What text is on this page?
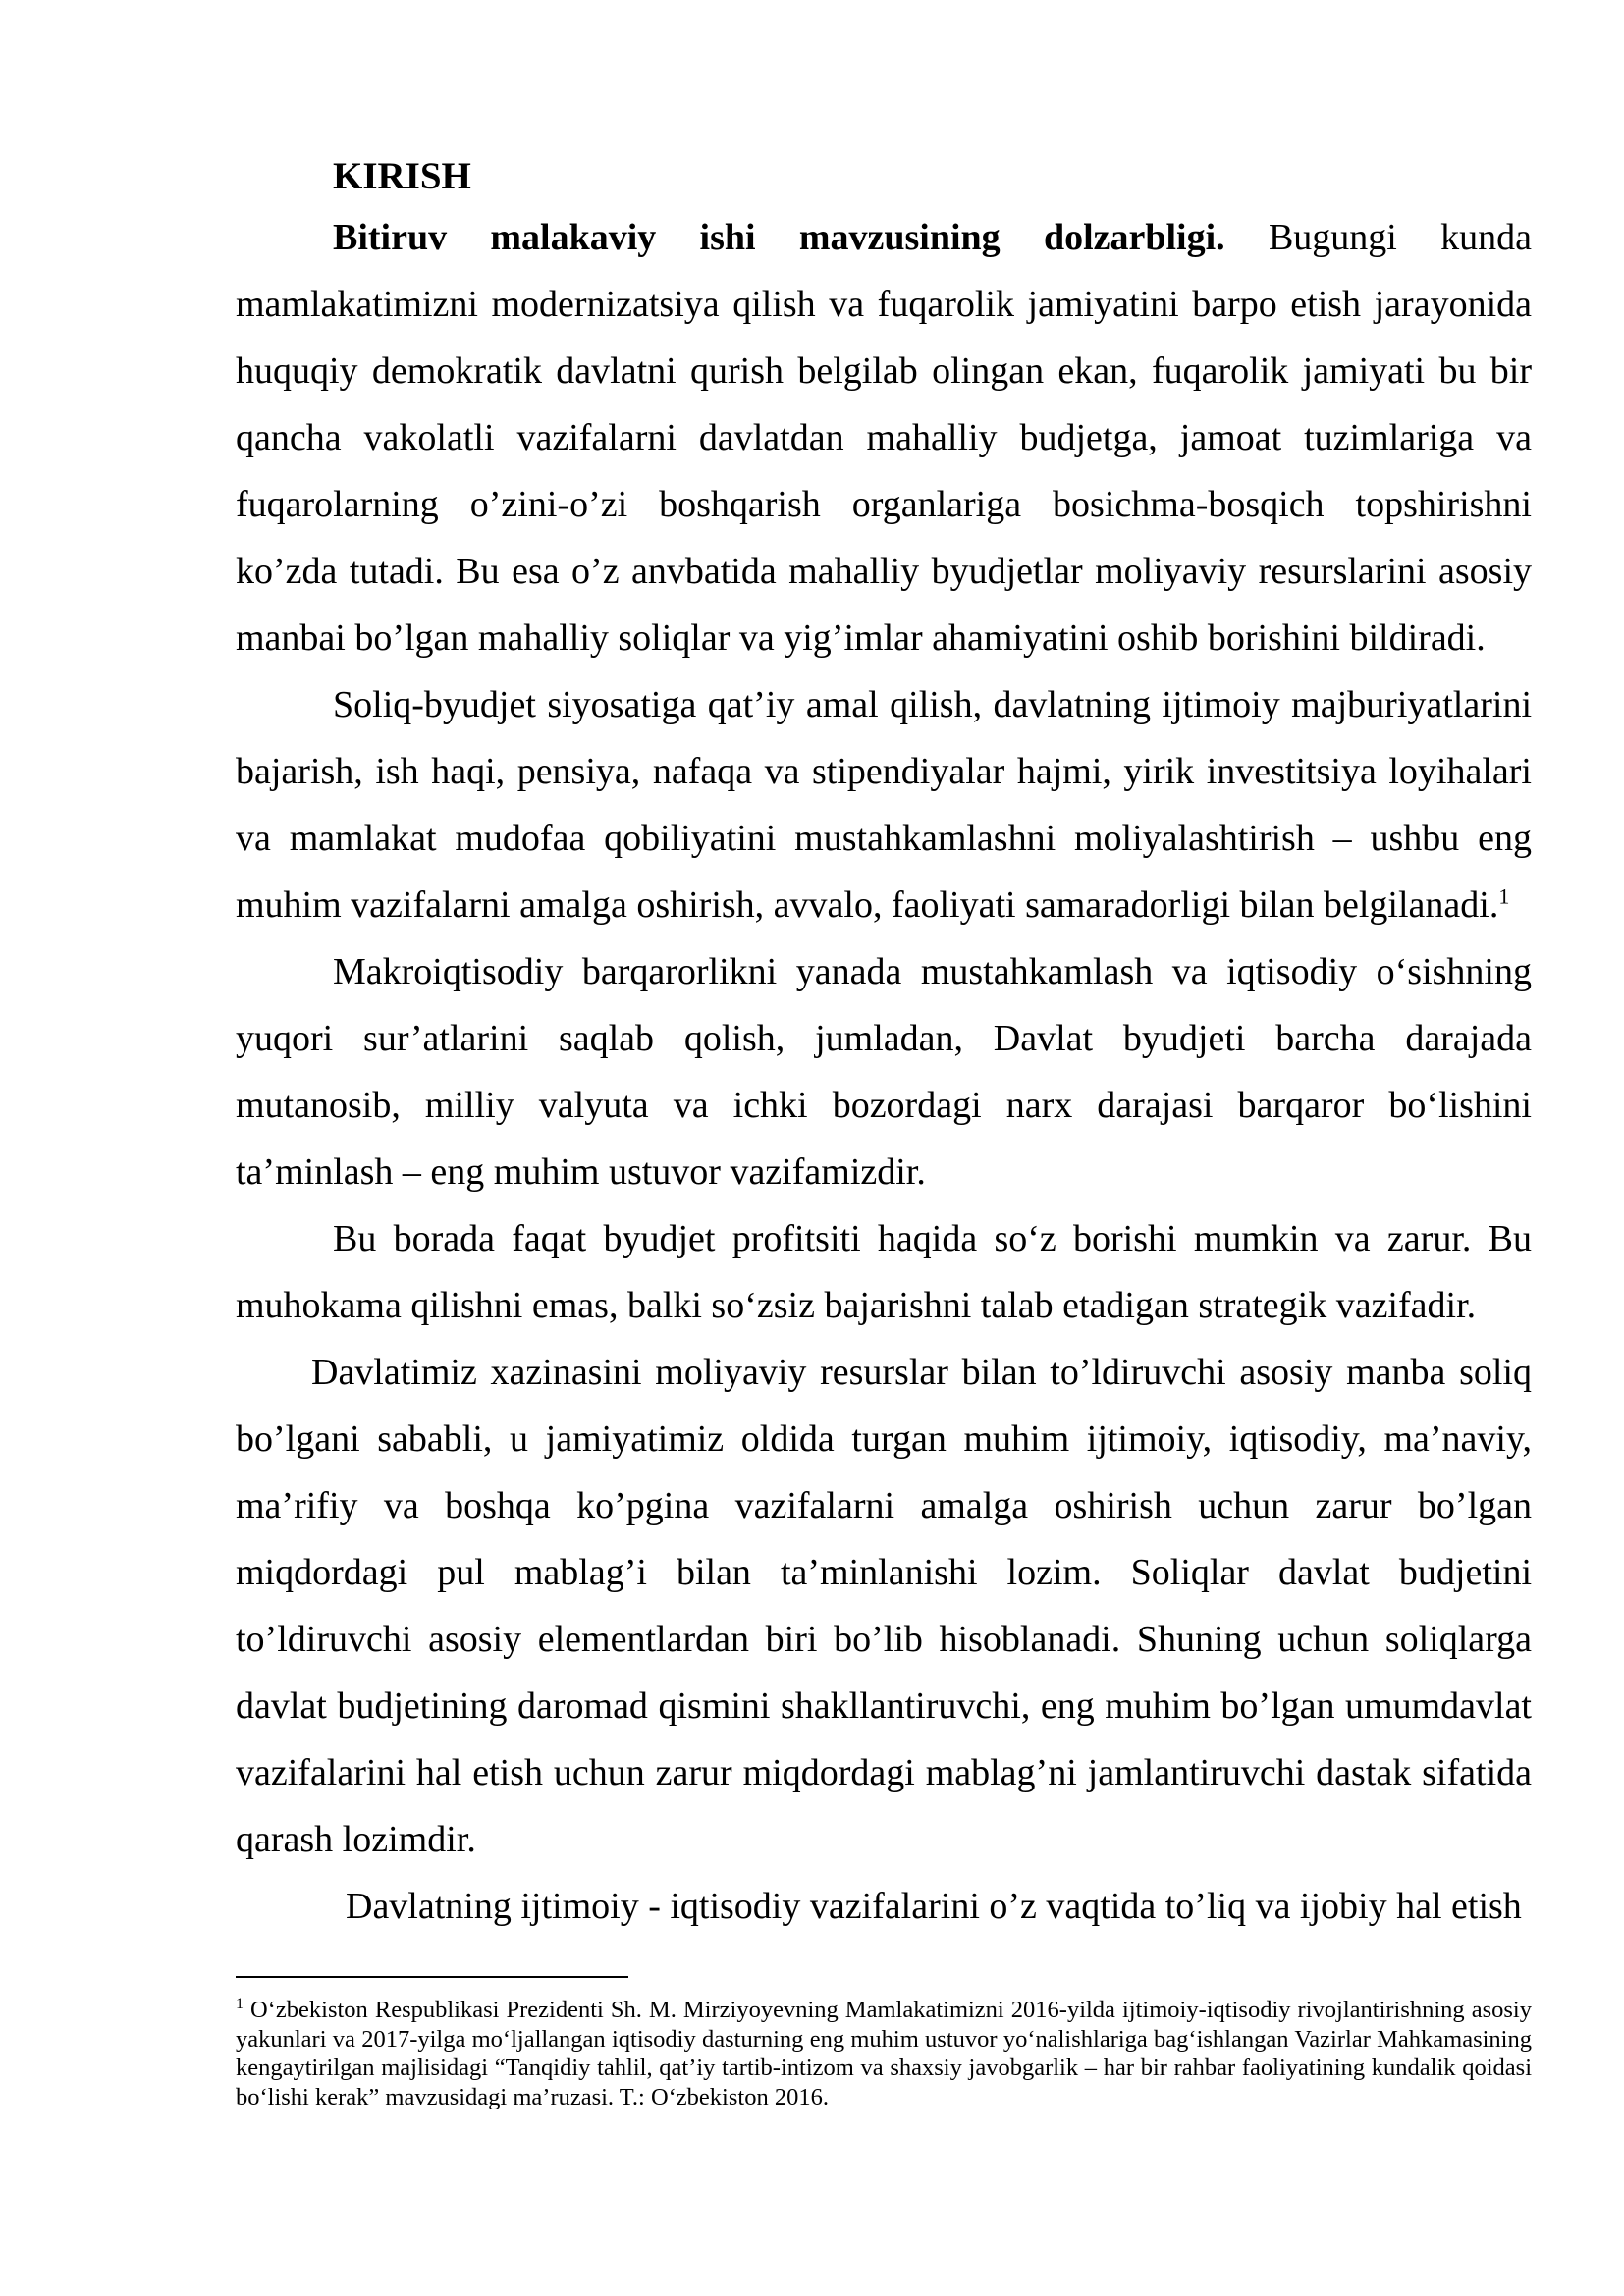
KIRISH

Bitiruv malakaviy ishi mavzusining dolzarbligi. Bugungi kunda mamlakatimizni modernizatsiya qilish va fuqarolik jamiyatini barpo etish jarayonida huquqiy demokratik davlatni qurish belgilab olingan ekan, fuqarolik jamiyati bu bir qancha vakolatli vazifalarni davlatdan mahalliy budjetga, jamoat tuzimlariga va fuqarolarning o’zini-o’zi boshqarish organlariga bosichma-bosqich topshirishni ko’zda tutadi. Bu esa o’z anvbatida mahalliy byudjetlar moliyaviy resurslarini asosiy manbai bo’lgan mahalliy soliqlar va yig’imlar ahamiyatini oshib borishini bildiradi.

Soliq-byudjet siyosatiga qat’iy amal qilish, davlatning ijtimoiy majburiyatlarini bajarish, ish haqi, pensiya, nafaqa va stipendiyalar hajmi, yirik investitsiya loyihalari va mamlakat mudofaa qobiliyatini mustahkamlashni moliyalashtirish – ushbu eng muhim vazifalarni amalga oshirish, avvalo, faoliyati samaradorligi bilan belgilanadi.$^1$

Makroiqtisodiy barqarorlikni yanada mustahkamlash va iqtisodiy o‘sishning yuqori sur’atlarini saqlab qolish, jumladan, Davlat byudjeti barcha darajada mutanosib, milliy valyuta va ichki bozordagi narx darajasi barqaror bo‘lishini ta’minlash – eng muhim ustuvor vazifamizdir.

Bu borada faqat byudjet profitsiti haqida so‘z borishi mumkin va zarur. Bu muhokama qilishni emas, balki so‘zsiz bajarishni talab etadigan strategik vazifadir.

Davlatimiz xazinasini moliyaviy resurslar bilan to’ldiruvchi asosiy manba soliq bo’lgani sababli, u jamiyatimiz oldida turgan muhim ijtimoiy, iqtisodiy, ma’naviy, ma’rifiy va boshqa ko’pgina vazifalarni amalga oshirish uchun zarur bo’lgan miqdordagi pul mablag’i bilan ta’minlanishi lozim. Soliqlar davlat budjetini to’ldiruvchi asosiy elementlardan biri bo’lib hisoblanadi. Shuning uchun soliqlarga davlat budjetining daromad qismini shakllantiruvchi, eng muhim bo’lgan umumdavlat vazifalarini hal etish uchun zarur miqdordagi mablag’ni jamlantiruvchi dastak sifatida qarash lozimdir.

Davlatning ijtimoiy - iqtisodiy vazifalarini o’z vaqtida to’liq va ijobiy hal etish

$^1$ O‘zbekiston Respublikasi Prezidenti Sh. M. Mirziyoyevning Mamlakatimizni 2016-yilda ijtimoiy-iqtisodiy rivojlantirishning asosiy yakunlari va 2017-yilga mo‘ljallangan iqtisodiy dasturning eng muhim ustuvor yo‘nalishlariga bag‘ishlangan Vazirlar Mahkamasining kengaytirilgan majlisidagi “Tanqidiy tahlil, qat’iy tartib-intizom va shaxsiy javobgarlik – har bir rahbar faoliyatining kundalik qoidasi bo‘lishi kerak” mavzusidagi ma’ruzasi. T.: O‘zbekiston 2016.
